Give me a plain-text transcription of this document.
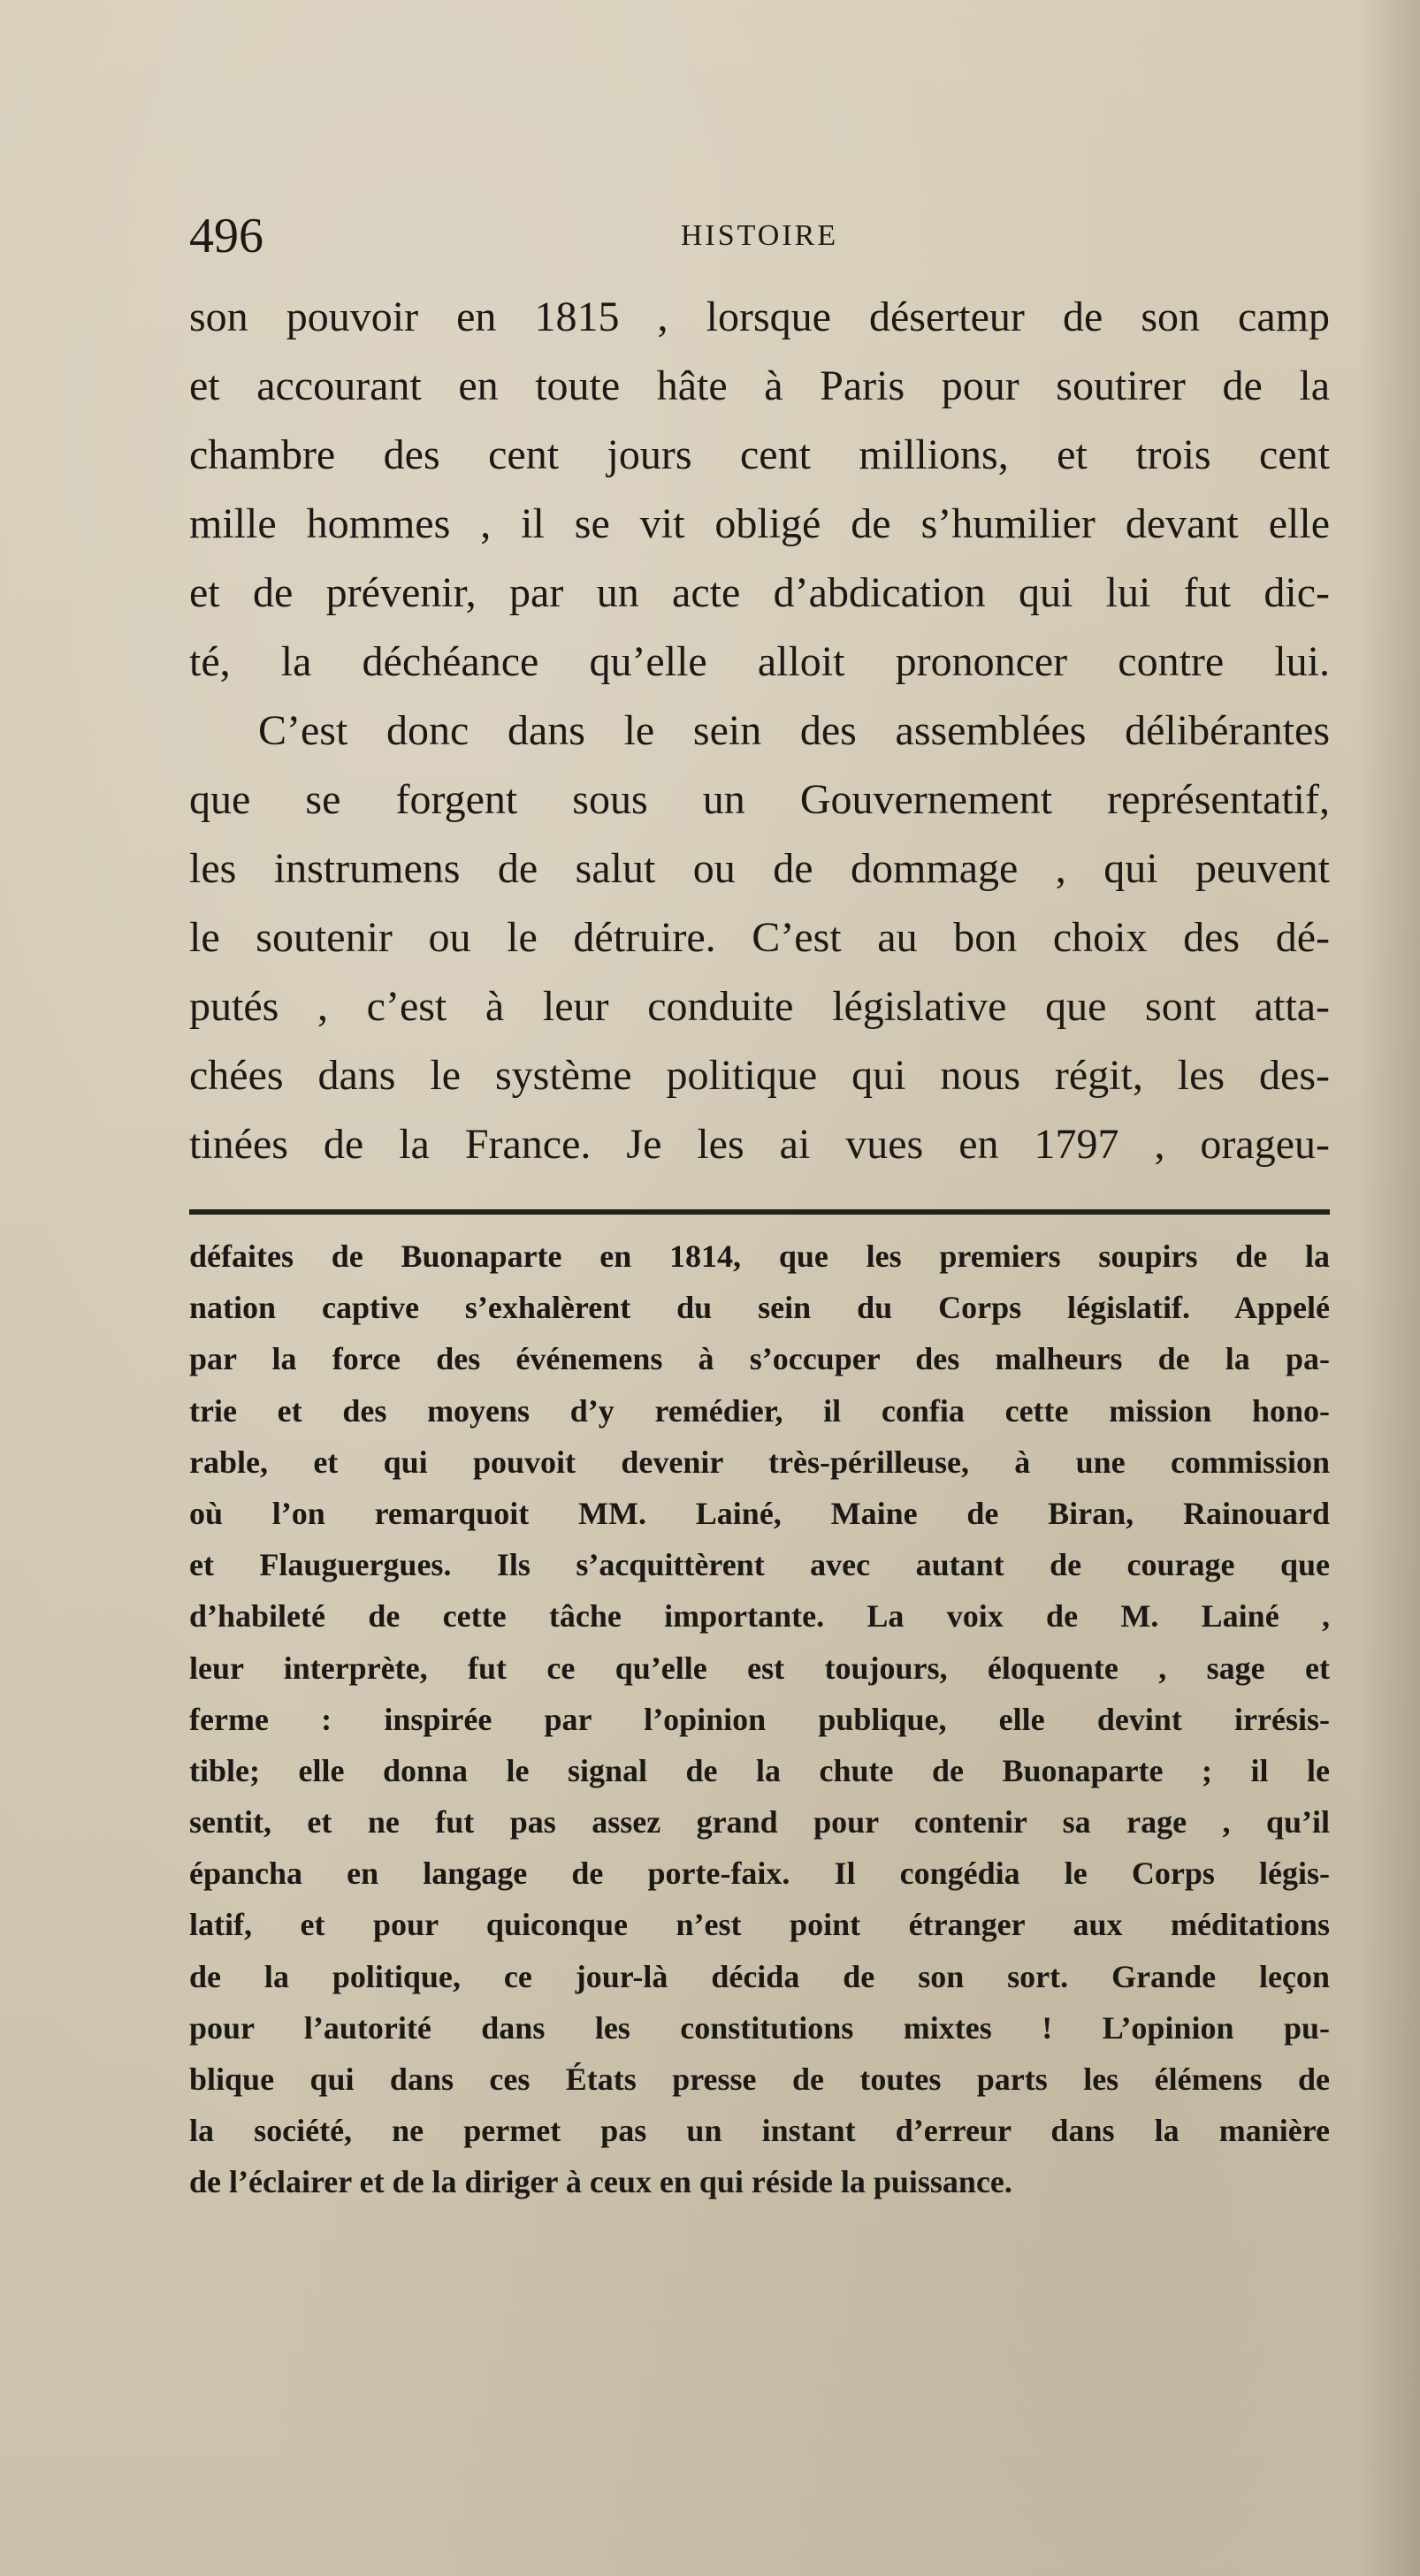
496	HISTOIRE
son pouvoir en 1815 , lorsque déserteur de son camp
et accourant en toute hâte à Paris pour soutirer de la
chambre des cent jours cent millions, et trois cent
mille hommes , il se vit obligé de s’humilier devant elle
et de prévenir, par un acte d’abdication qui lui fut dic-
té, la déchéance qu’elle alloit prononcer contre lui.
C’est donc dans le sein des assemblées délibérantes
que se forgent sous un Gouvernement représentatif,
les instrumens de salut ou de dommage , qui peuvent
le soutenir ou le détruire. C’est au bon choix des dé-
putés , c’est à leur conduite législative que sont atta-
chées dans le système politique qui nous régit, les des-
tinées de la France. Je les ai vues en 1797 , orageu-
défaites de Buonaparte en 1814, que les premiers soupirs de la
nation captive s’exhalèrent du sein du Corps législatif. Appelé
par la force des événemens à s’occuper des malheurs de la pa-
trie et des moyens d’y remédier, il confia cette mission hono-
rable, et qui pouvoit devenir très-périlleuse, à une commission
où l’on remarquoit MM. Lainé, Maine de Biran, Rainouard
et Flauguergues. Ils s’acquittèrent avec autant de courage que
d’habileté de cette tâche importante. La voix de M. Lainé ,
leur interprète, fut ce qu’elle est toujours, éloquente , sage et
ferme : inspirée par l’opinion publique, elle devint irrésis-
tible; elle donna le signal de la chute de Buonaparte ; il le
sentit, et ne fut pas assez grand pour contenir sa rage , qu’il
épancha en langage de porte-faix. Il congédia le Corps légis-
latif, et pour quiconque n’est point étranger aux méditations
de la politique, ce jour-là décida de son sort. Grande leçon
pour l’autorité dans les constitutions mixtes ! L’opinion pu-
blique qui dans ces États presse de toutes parts les élémens de
la société, ne permet pas un instant d’erreur dans la manière
de l’éclairer et de la diriger à ceux en qui réside la puissance.
